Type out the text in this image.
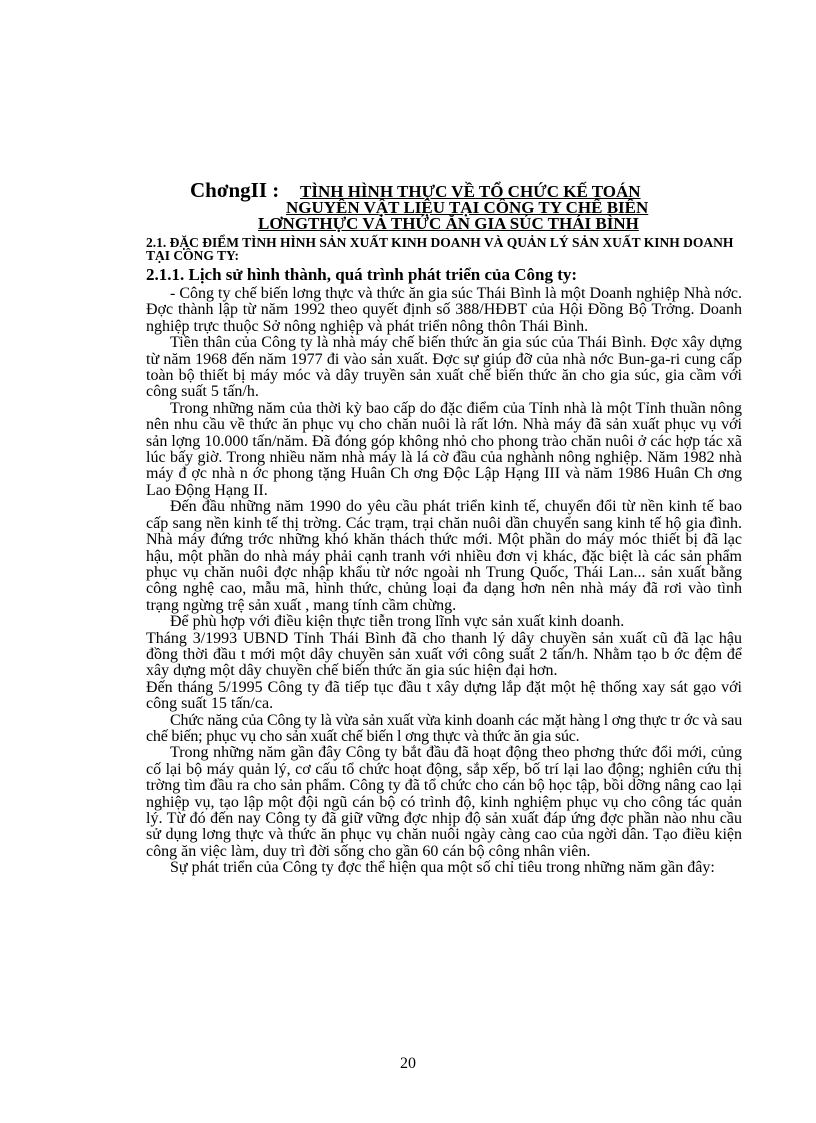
ChơngII : TÌNH HÌNH THỰC VỀ TỔ CHỨC KẾ TOÁN
NGUYÊN VẬT LIỆU TẠI CÔNG TY CHẾ BIẾN
LƠNGTHỰC VÀ THỨC ĂN GIA SÚC THÁI BÌNH
2.1. ĐẶC ĐIỂM TÌNH HÌNH SẢN XUẤT KINH DOANH VÀ QUẢN LÝ SẢN XUẤT KINH DOANH TẠI CÔNG TY:
2.1.1. Lịch sử hình thành, quá trình phát triển của Công ty:

- Công ty chế biến lơng thực và thức ăn gia súc Thái Bình là một Doanh nghiệp Nhà nớc. Đợc thành lập từ năm 1992 theo quyết định số 388/HĐBT của Hội Đồng Bộ Trởng. Doanh nghiệp trực thuộc Sở nông nghiệp và phát triển nông thôn Thái Bình.

Tiền thân của Công ty là nhà máy chế biến thức ăn gia súc của Thái Bình. Đợc xây dựng từ năm 1968 đến năm 1977 đi vào sản xuất. Đợc sự giúp đỡ của nhà nớc Bun-ga-ri cung cấp toàn bộ thiết bị máy móc và dây truyền sản xuất chế biến thức ăn cho gia súc, gia cầm với công suất 5 tấn/h.

Trong những năm của thời kỳ bao cấp do đặc điểm của Tỉnh nhà là một Tỉnh thuần nông nên nhu cầu về thức ăn phục vụ cho chăn nuôi là rất lớn. Nhà máy đã sản xuất phục vụ với sản lợng 10.000 tấn/năm. Đã đóng góp không nhỏ cho phong trào chăn nuôi ở các hợp tác xã lúc bấy giờ. Trong nhiều năm nhà máy là lá cờ đầu của nghành nông nghiệp. Năm 1982 nhà máy đ ợc nhà n ớc phong tặng Huân Ch ơng Độc Lập Hạng III và năm 1986 Huân Ch ơng Lao Động Hạng II.

Đến đầu những năm 1990 do yêu cầu phát triển kinh tế, chuyển đổi từ nền kinh tế bao cấp sang nền kinh tế thị trờng. Các trạm, trại chăn nuôi dần chuyển sang kinh tế hộ gia đình. Nhà máy đứng trớc những khó khăn thách thức mới. Một phần do máy móc thiết bị đã lạc hậu, một phần do nhà máy phải cạnh tranh với nhiều đơn vị khác, đặc biệt là các sản phẩm phục vụ chăn nuôi đợc nhập khẩu từ nớc ngoài nh Trung Quốc, Thái Lan... sản xuất bằng công nghệ cao, mẫu mã, hình thức, chủng loại đa dạng hơn nên nhà máy đã rơi vào tình trạng ngừng trệ sản xuất , mang tính cầm chừng.

Để phù hợp với điều kiện thực tiễn trong lĩnh vực sản xuất kinh doanh.

Tháng 3/1993 UBND Tỉnh Thái Bình đã cho thanh lý dây chuyền sản xuất cũ đã lạc hậu đồng thời đầu t mới một dây chuyền sản xuất với công suất 2 tấn/h. Nhằm tạo b ớc đệm để xây dựng một dây chuyền chế biến thức ăn gia súc hiện đại hơn.

Đến tháng 5/1995 Công ty đã tiếp tục đầu t xây dựng lắp đặt một hệ thống xay sát gạo với công suất 15 tấn/ca.

Chức năng của Công ty là vừa sản xuất vừa kinh doanh các mặt hàng l ơng thực tr ớc và sau chế biến; phục vụ cho sản xuất chế biến l ơng thực và thức ăn gia súc.

Trong những năm gần đây Công ty bắt đầu đã hoạt động theo phơng thức đổi mới, củng cố lại bộ máy quản lý, cơ cấu tổ chức hoạt động, sắp xếp, bố trí lại lao động; nghiên cứu thị trờng tìm đầu ra cho sản phẩm. Công ty đã tổ chức cho cán bộ học tập, bồi dỡng nâng cao lại nghiệp vụ, tạo lập một đội ngũ cán bộ có trình độ, kinh nghiệm phục vụ cho công tác quản lý. Từ đó đến nay Công ty đã giữ vững đợc nhịp độ sản xuất đáp ứng đợc phần nào nhu cầu sử dụng lơng thực và thức ăn phục vụ chăn nuôi ngày càng cao của ngời dân. Tạo điều kiện công ăn việc làm, duy trì đời sống cho gần 60 cán bộ công nhân viên.

Sự phát triển của Công ty đợc thể hiện qua một số chỉ tiêu trong những năm gần đây:

20
